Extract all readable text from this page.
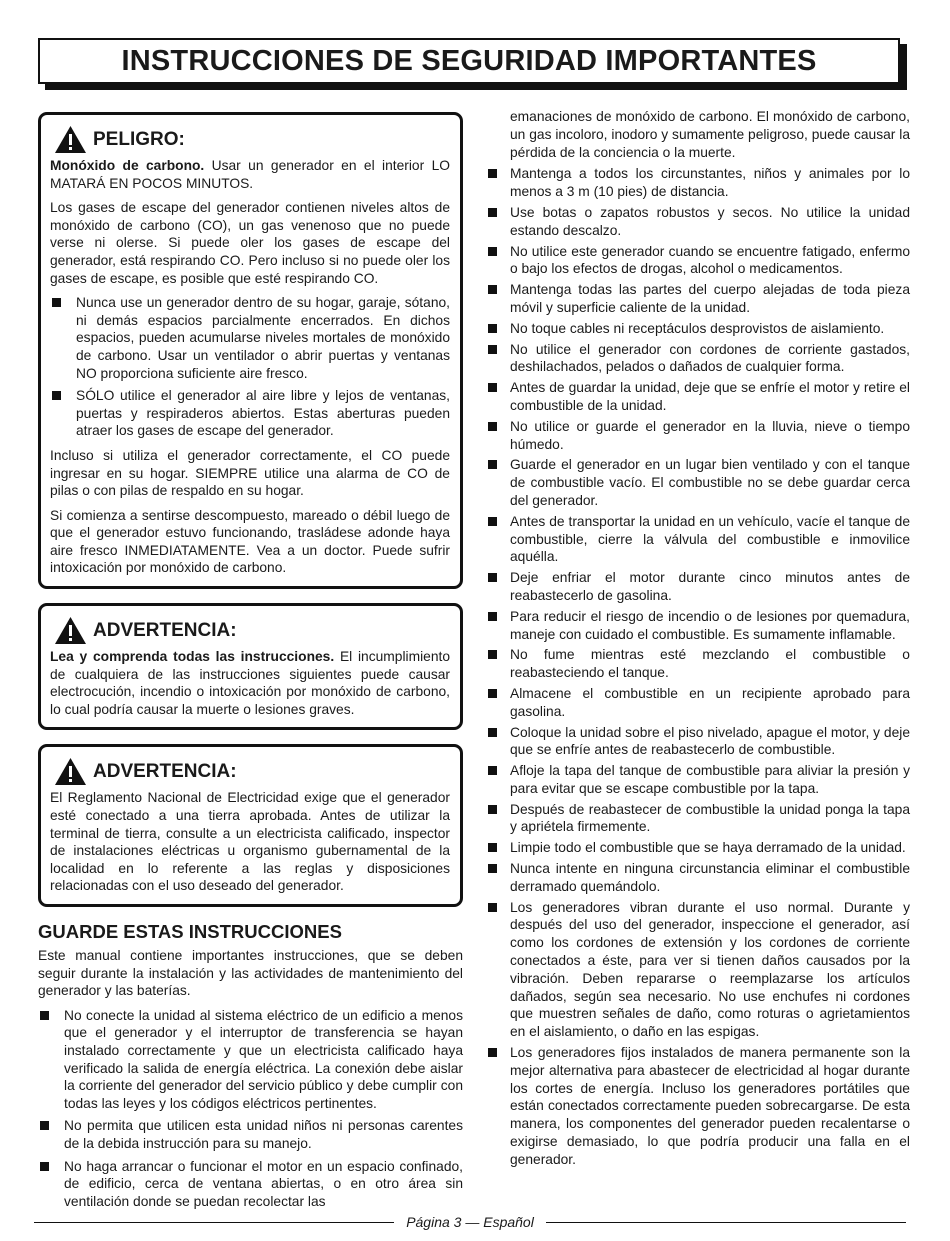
INSTRUCCIONES DE SEGURIDAD IMPORTANTES
PELIGRO:

Monóxido de carbono. Usar un generador en el interior LO MATARÁ EN POCOS MINUTOS.

Los gases de escape del generador contienen niveles altos de monóxido de carbono (CO), un gas venenoso que no puede verse ni olerse. Si puede oler los gases de escape del generador, está respirando CO. Pero incluso si no puede oler los gases de escape, es posible que esté respirando CO.

Nunca use un generador dentro de su hogar, garaje, sótano, ni demás espacios parcialmente encerrados. En dichos espacios, pueden acumularse niveles mortales de monóxido de carbono. Usar un ventilador o abrir puertas y ventanas NO proporciona suficiente aire fresco.
SÓLO utilice el generador al aire libre y lejos de ventanas, puertas y respiraderos abiertos. Estas aberturas pueden atraer los gases de escape del generador.

Incluso si utiliza el generador correctamente, el CO puede ingresar en su hogar. SIEMPRE utilice una alarma de CO de pilas o con pilas de respaldo en su hogar.

Si comienza a sentirse descompuesto, mareado o débil luego de que el generador estuvo funcionando, trasládese adonde haya aire fresco INMEDIATAMENTE. Vea a un doctor. Puede sufrir intoxicación por monóxido de carbono.

ADVERTENCIA:

Lea y comprenda todas las instrucciones. El incumplimiento de cualquiera de las instrucciones siguientes puede causar electrocución, incendio o intoxicación por monóxido de carbono, lo cual podría causar la muerte o lesiones graves.

ADVERTENCIA:

El Reglamento Nacional de Electricidad exige que el generador esté conectado a una tierra aprobada. Antes de utilizar la terminal de tierra, consulte a un electricista calificado, inspector de instalaciones eléctricas u organismo gubernamental de la localidad en lo referente a las reglas y disposiciones relacionadas con el uso deseado del generador.

GUARDE ESTAS INSTRUCCIONES

Este manual contiene importantes instrucciones, que se deben seguir durante la instalación y las actividades de mantenimiento del generador y las baterías.

No conecte la unidad al sistema eléctrico de un edificio a menos que el generador y el interruptor de transferencia se hayan instalado correctamente y que un electricista calificado haya verificado la salida de energía eléctrica. La conexión debe aislar la corriente del generador del servicio público y debe cumplir con todas las leyes y los códigos eléctricos pertinentes.
No permita que utilicen esta unidad niños ni personas carentes de la debida instrucción para su manejo.
No haga arrancar o funcionar el motor en un espacio confinado, de edificio, cerca de ventana abiertas, o en otro área sin ventilación donde se puedan recolectar las

emanaciones de monóxido de carbono. El monóxido de carbono, un gas incoloro, inodoro y sumamente peligroso, puede causar la pérdida de la conciencia o la muerte.

Mantenga a todos los circunstantes, niños y animales por lo menos a 3 m (10 pies) de distancia.
Use botas o zapatos robustos y secos. No utilice la unidad estando descalzo.
No utilice este generador cuando se encuentre fatigado, enfermo o bajo los efectos de drogas, alcohol o medicamentos.
Mantenga todas las partes del cuerpo alejadas de toda pieza móvil y superficie caliente de la unidad.
No toque cables ni receptáculos desprovistos de aislamiento.
No utilice el generador con cordones de corriente gastados, deshilachados, pelados o dañados de cualquier forma.
Antes de guardar la unidad, deje que se enfríe el motor y retire el combustible de la unidad.
No utilice or guarde el generador en la lluvia, nieve o tiempo húmedo.
Guarde el generador en un lugar bien ventilado y con el tanque de combustible vacío. El combustible no se debe guardar cerca del generador.
Antes de transportar la unidad en un vehículo, vacíe el tanque de combustible, cierre la válvula del combustible e inmovilice aquélla.
Deje enfriar el motor durante cinco minutos antes de reabastecerlo de gasolina.
Para reducir el riesgo de incendio o de lesiones por quemadura, maneje con cuidado el combustible. Es sumamente inflamable.
No fume mientras esté mezclando el combustible o reabasteciendo el tanque.
Almacene el combustible en un recipiente aprobado para gasolina.
Coloque la unidad sobre el piso nivelado, apague el motor, y deje que se enfríe antes de reabastecerlo de combustible.
Afloje la tapa del tanque de combustible para aliviar la presión y para evitar que se escape combustible por la tapa.
Después de reabastecer de combustible la unidad ponga la tapa y apriétela firmemente.
Limpie todo el combustible que se haya derramado de la unidad.
Nunca intente en ninguna circunstancia eliminar el combustible derramado quemándolo.
Los generadores vibran durante el uso normal. Durante y después del uso del generador, inspeccione el generador, así como los cordones de extensión y los cordones de corriente conectados a éste, para ver si tienen daños causados por la vibración. Deben repararse o reemplazarse los artículos dañados, según sea necesario. No use enchufes ni cordones que muestren señales de daño, como roturas o agrietamientos en el aislamiento, o daño en las espigas.
Los generadores fijos instalados de manera permanente son la mejor alternativa para abastecer de electricidad al hogar durante los cortes de energía. Incluso los generadores portátiles que están conectados correctamente pueden sobrecargarse. De esta manera, los componentes del generador pueden recalentarse o exigirse demasiado, lo que podría producir una falla en el generador.
Página 3 — Español
